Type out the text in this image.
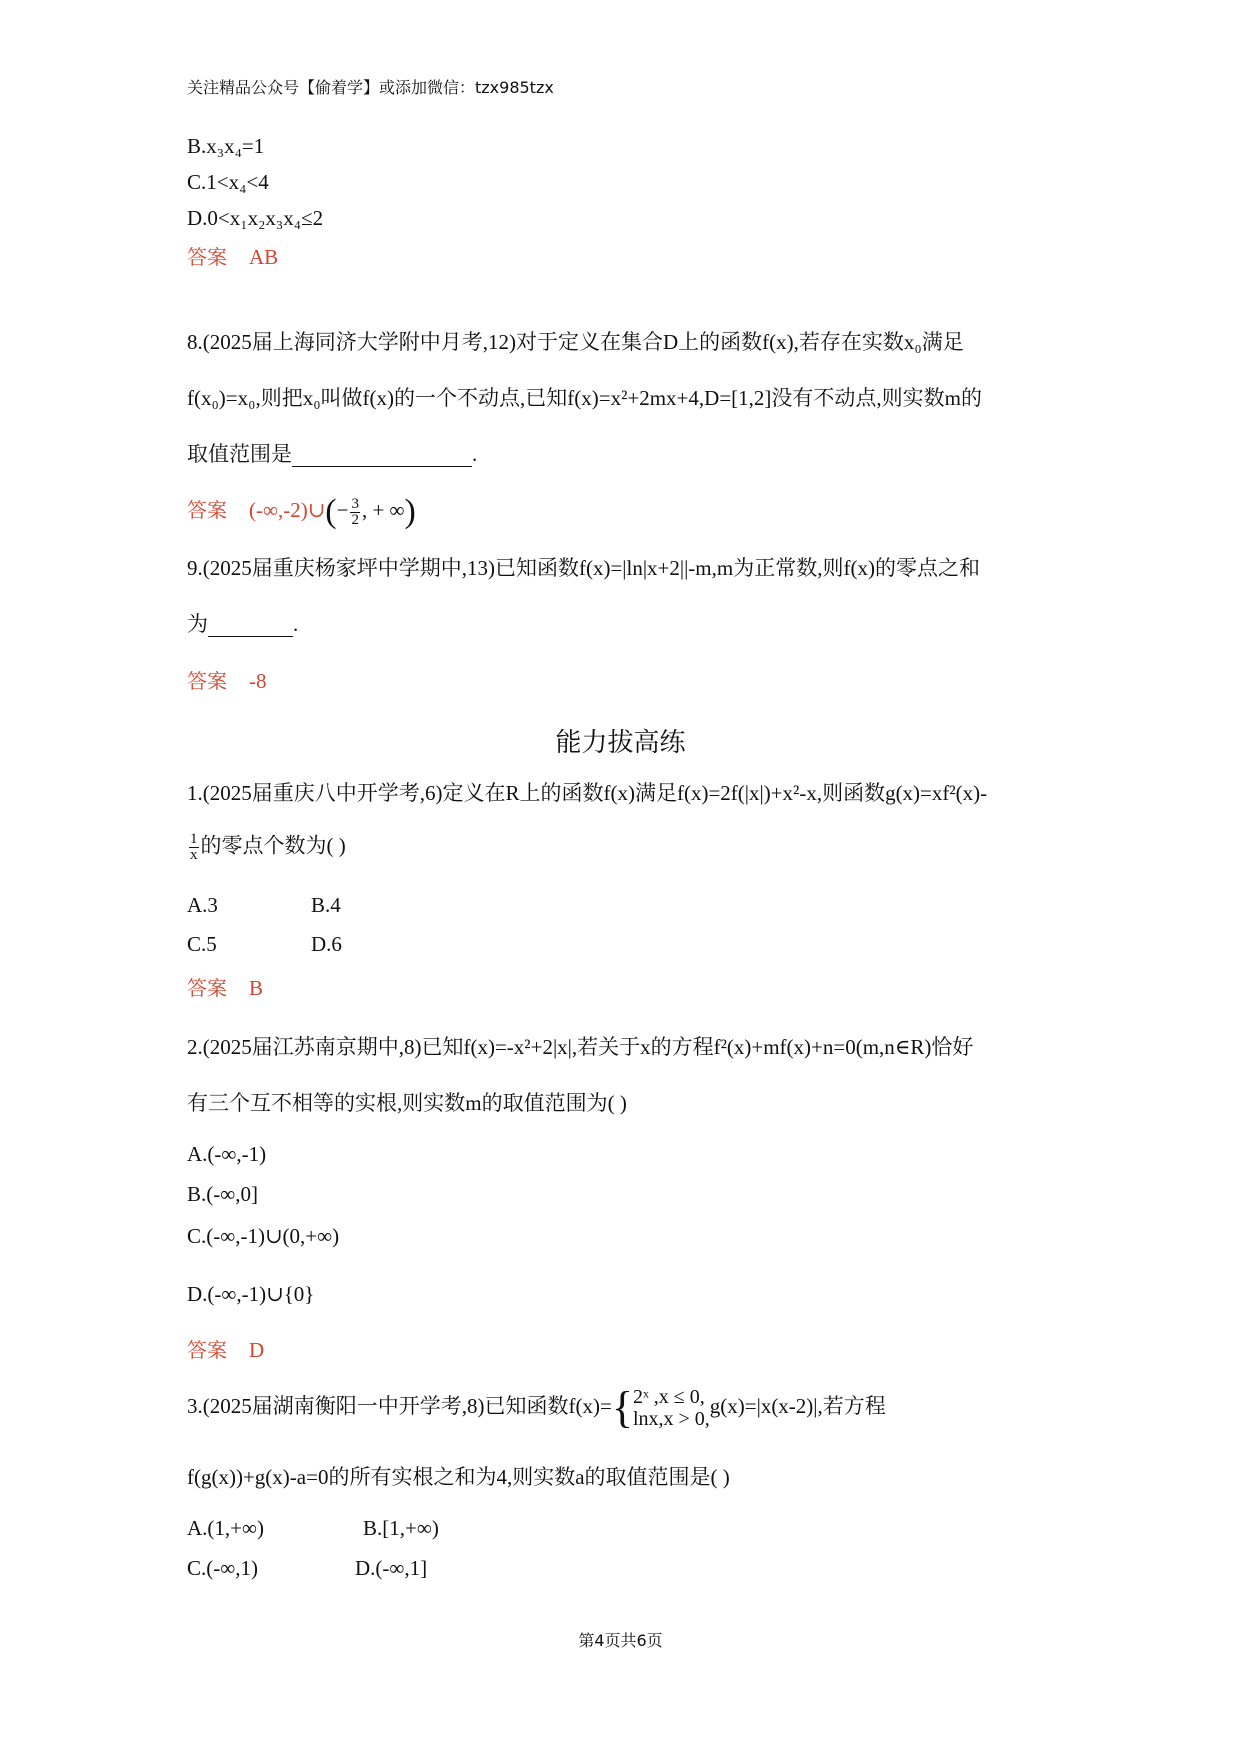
关注精品公众号【偷着学】或添加微信：tzx985tzx
B.x₃x₄=1
C.1<x₄<4
D.0<x₁x₂x₃x₄≤2
答案 AB
8.(2025届上海同济大学附中月考,12)对于定义在集合D上的函数f(x),若存在实数x₀满足
f(x₀)=x₀,则把x₀叫做f(x)的一个不动点,已知f(x)=x²+2mx+4,D=[1,2]没有不动点,则实数m的
取值范围是	.
答案 (-∞,-2)∪(− $\frac{3}{2}$ , + ∞)
9.(2025届重庆杨家坪中学期中,13)已知函数f(x)=|ln|x+2||-m,m为正常数,则f(x)的零点之和
为	.
答案 -8
能力拔高练
1.(2025届重庆八中开学考,6)定义在R上的函数f(x)满足f(x)=2f(|x|)+x²-x,则函数g(x)=xf²(x)-
$\frac{1}{x}$ 的零点个数为( )
A.3	B.4
C.5	D.6
答案 B
2.(2025届江苏南京期中,8)已知f(x)=-x²+2|x|,若关于x的方程f²(x)+mf(x)+n=0(m,n∈R)恰好
有三个互不相等的实根,则实数m的取值范围为( )
A.(-∞,-1)
B.(-∞,0]
C.(-∞,-1)∪(0,+∞)
D.(-∞,-1)∪{0}
答案 D
3.(2025届湖南衡阳一中开学考,8)已知函数f(x)= { 2ˣ ,x ≤ 0,
lnx,x > 0,
g(x)=|x(x-2)|,若方程
f(g(x))+g(x)-a=0的所有实根之和为4,则实数a的取值范围是( )
A.(1,+∞)	B.[1,+∞)
C.(-∞,1)	D.(-∞,1]
第4页共6页
